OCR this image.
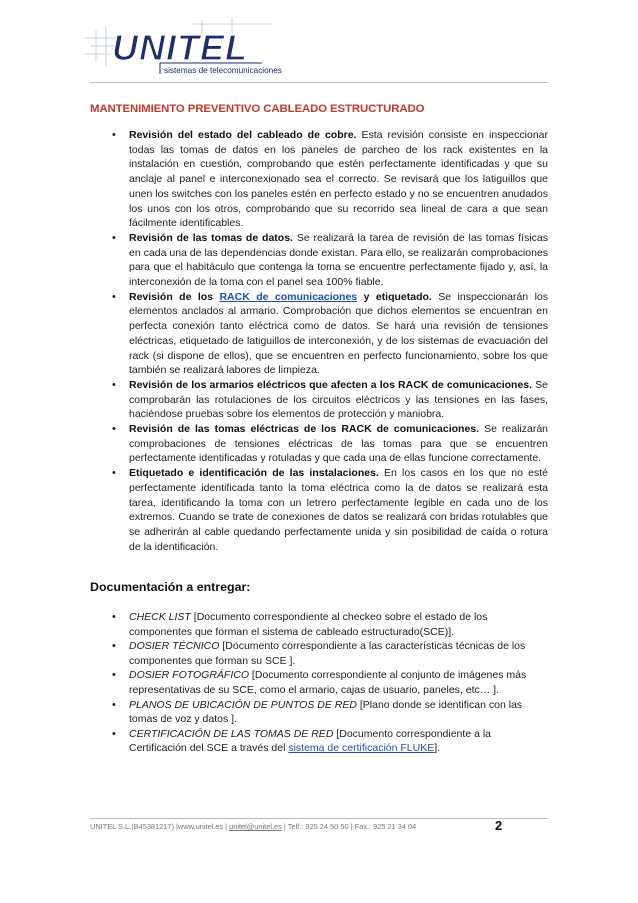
UNITEL
sistemas de telecomunicaciones
MANTENIMIENTO PREVENTIVO CABLEADO ESTRUCTURADO
• Revisión del estado del cableado de cobre. Esta revisión consiste en inspeccionar todas las tomas de datos en los paneles de parcheo de los rack existentes en la instalación en cuestión, comprobando que estén perfectamente identificadas y que su anclaje al panel e interconexionado sea el correcto. Se revisará que los latiguillos que unen los switches con los paneles estén en perfecto estado y no se encuentren anudados los unos con los otros, comprobando que su recorrido sea lineal de cara a que sean fácilmente identificables.
• Revisión de las tomas de datos. Se realizará la tarea de revisión de las tomas físicas en cada una de las dependencias donde existan. Para ello, se realizarán comprobaciones para que el habitáculo que contenga la toma se encuentre perfectamente fijado y, así, la interconexión de la toma con el panel sea 100% fiable.
• Revisión de los RACK de comunicaciones y etiquetado. Se inspeccionarán los elementos anclados al armario. Comprobación que dichos elementos se encuentran en perfecta conexión tanto eléctrica como de datos. Se hará una revisión de tensiones eléctricas, etiquetado de latiguillos de interconexión, y de los sistemas de evacuación del rack (si dispone de ellos), que se encuentren en perfecto funcionamiento, sobre los que también se realizará labores de limpieza.
• Revisión de los armarios eléctricos que afecten a los RACK de comunicaciones. Se comprobarán las rotulaciones de los circuitos eléctricos y las tensiones en las fases, haciéndose pruebas sobre los elementos de protección y maniobra.
• Revisión de las tomas eléctricas de los RACK de comunicaciones. Se realizarán comprobaciones de tensiones eléctricas de las tomas para que se encuentren perfectamente identificadas y rotuladas y que cada una de ellas funcione correctamente.
• Etiquetado e identificación de las instalaciones. En los casos en los que no esté perfectamente identificada tanto la toma eléctrica como la de datos se realizará esta tarea, identificando la toma con un letrero perfectamente legible en cada uno de los extremos. Cuando se trate de conexiones de datos se realizará con bridas rotulables que se adherirán al cable quedando perfectamente unida y sin posibilidad de caída o rotura de la identificación.
Documentación a entregar:
• CHECK LIST [Documento correspondiente al checkeo sobre el estado de los componentes que forman el sistema de cableado estructurado(SCE)].
• DOSIER TÉCNICO [Documento correspondiente a las características técnicas de los componentes que forman su SCE ].
• DOSIER FOTOGRÁFICO [Documento correspondiente al conjunto de imágenes más representativas de su SCE, como el armario, cajas de usuario, paneles, etc… ].
• PLANOS DE UBICACIÓN DE PUNTOS DE RED [Plano donde se identifican con las tomas de voz y datos ].
• CERTIFICACIÓN DE LAS TOMAS DE RED [Documento correspondiente a la Certificación del SCE a través del sistema de certificación FLUKE].
UNITEL S.L.(B45381217) |www.unitel.es | unitel@unitel.es | Telf.: 925 24 50 50 | Fax.: 925 21 34 04	2
